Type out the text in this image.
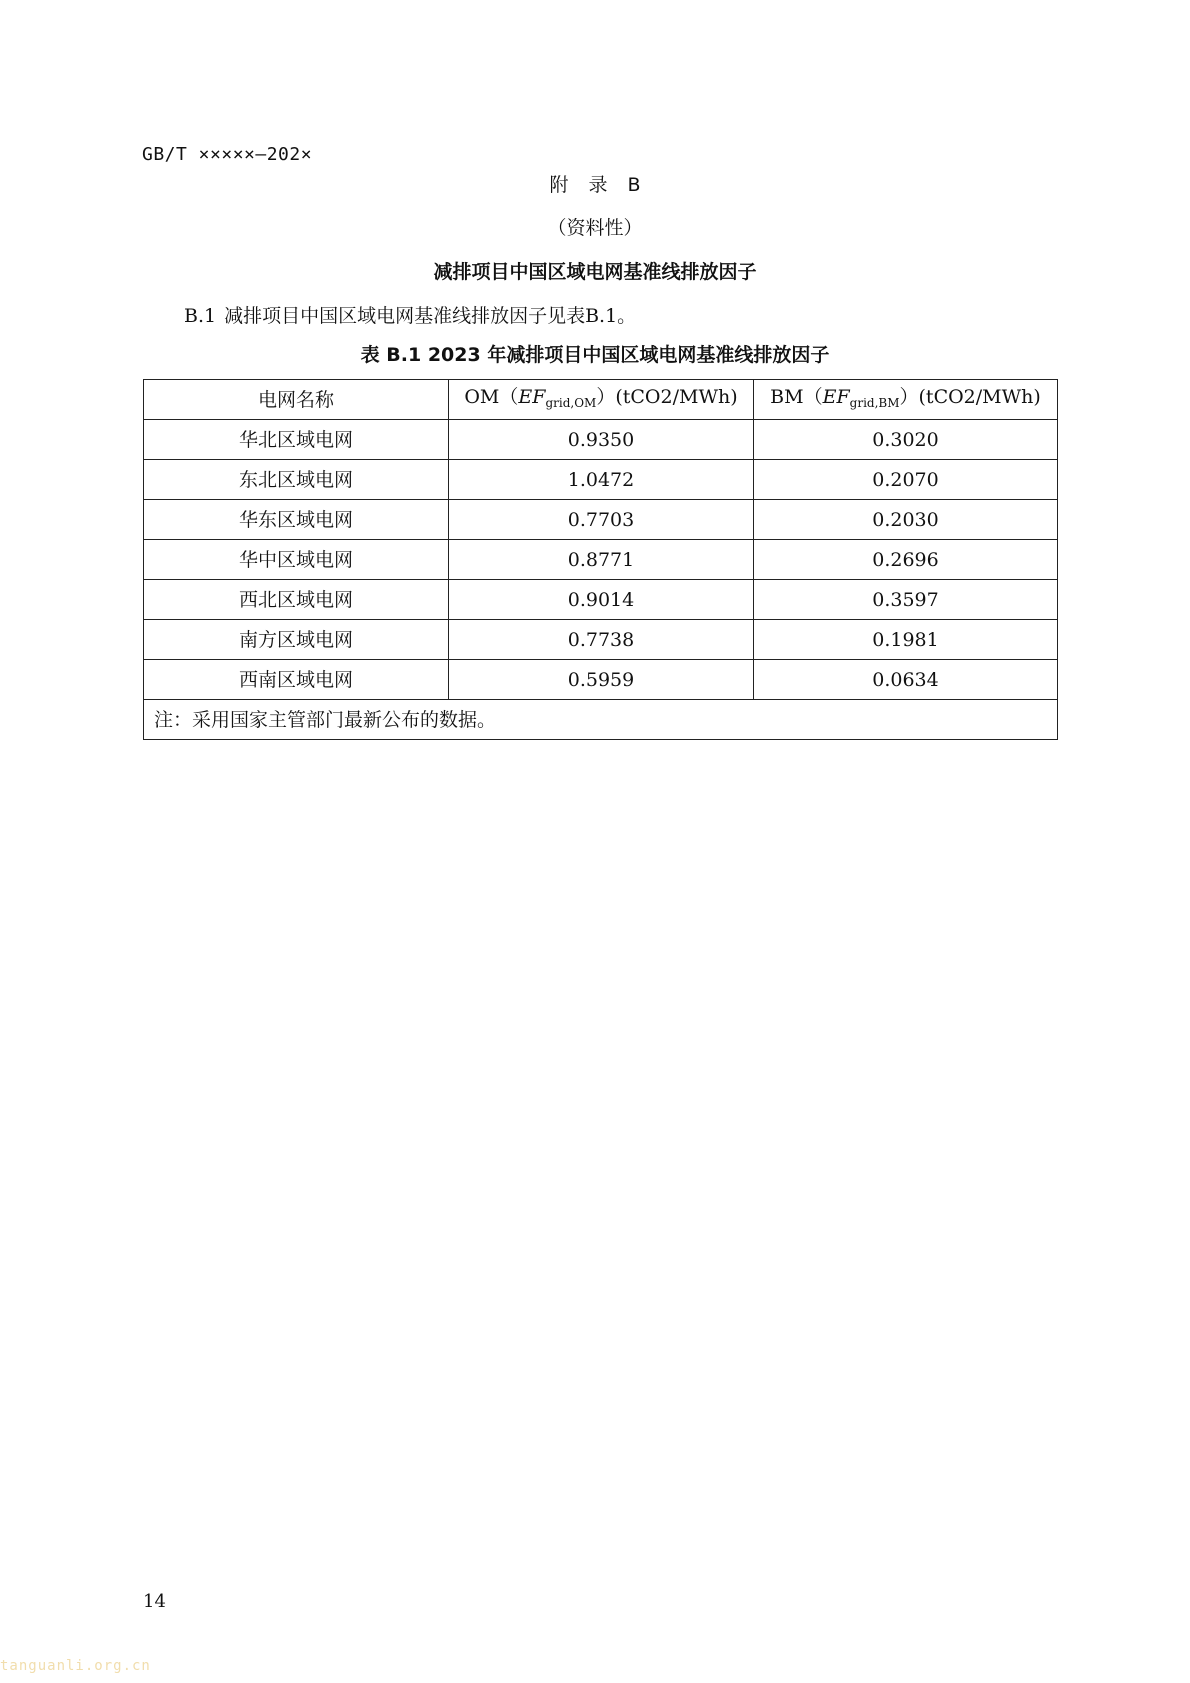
GB/T ×××××—202×
附 录 B
（资料性）
减排项目中国区域电网基准线排放因子
B.1 减排项目中国区域电网基准线排放因子见表B.1。
表 B.1 2023 年减排项目中国区域电网基准线排放因子
电网名称	$OM(EF_{grid,OM})(tCO2/MWh)$	$BM(EF_{grid,BM})(tCO2/MWh)$
华北区域电网	0.9350	0.3020
东北区域电网	1.0472	0.2070
华东区域电网	0.7703	0.2030
华中区域电网	0.8771	0.2696
西北区域电网	0.9014	0.3597
南方区域电网	0.7738	0.1981
西南区域电网	0.5959	0.0634
注：采用国家主管部门最新公布的数据。		
14
tanguanli.org.cn
